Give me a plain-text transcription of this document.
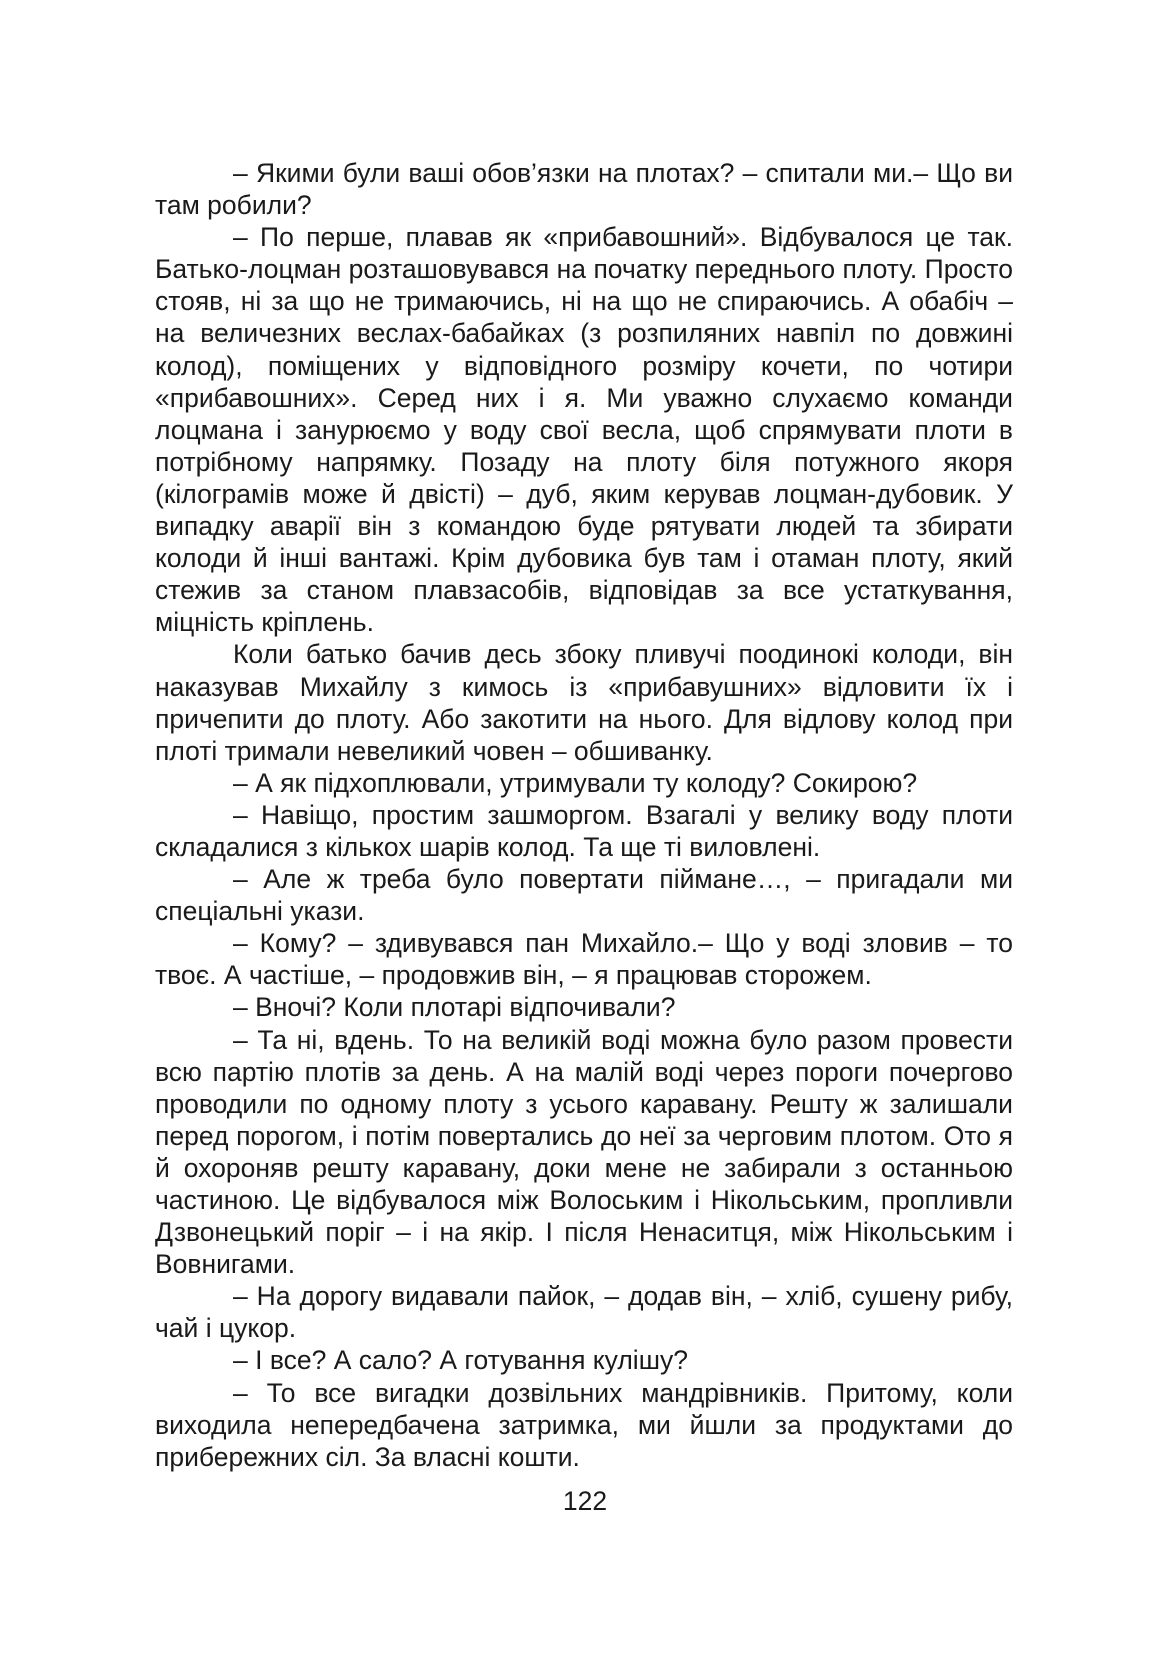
– Якими були ваші обов’язки на плотах? – спитали ми.– Що ви там робили?

– По перше, плавав як «прибавошний». Відбувалося це так. Батько-лоцман розташовувався на початку переднього плоту. Просто стояв, ні за що не тримаючись, ні на що не спираючись. А обабіч – на величезних веслах-бабайках (з розпиляних навпіл по довжині колод), поміщених у відповідного розміру кочети, по чотири «прибавошних». Серед них і я. Ми уважно слухаємо команди лоцмана і занурюємо у воду свої весла, щоб спрямувати плоти в потрібному напрямку. Позаду на плоту біля потужного якоря (кілограмів може й двісті) – дуб, яким керував лоцман-дубовик. У випадку аварії він з командою буде рятувати людей та збирати колоди й інші вантажі. Крім дубовика був там і отаман плоту, який стежив за станом плавзасобів, відповідав за все устаткування, міцність кріплень.

Коли батько бачив десь збоку пливучі поодинокі колоди, він наказував Михайлу з кимось із «прибавушних» відловити їх і причепити до плоту. Або закотити на нього. Для відлову колод при плоті тримали невеликий човен – обшиванку.

– А як підхоплювали, утримували ту колоду? Сокирою?

– Навіщо, простим зашморгом. Взагалі у велику воду плоти складалися з кількох шарів колод. Та ще ті виловлені.

– Але ж треба було повертати піймане…, – пригадали ми спеціальні укази.

– Кому? – здивувався пан Михайло.– Що у воді зловив – то твоє. А частіше, – продовжив він, – я працював сторожем.

– Вночі? Коли плотарі відпочивали?

– Та ні, вдень. То на великій воді можна було разом провести всю партію плотів за день. А на малій воді через пороги почергово проводили по одному плоту з усього каравану. Решту ж залишали перед порогом, і потім повертались до неї за черговим плотом. Ото я й охороняв решту каравану, доки мене не забирали з останньою частиною. Це відбувалося між Волоським і Нікольським, пропливли Дзвонецький поріг – і на якір. І після Ненаситця, між Нікольським і Вовнигами.

– На дорогу видавали пайок, – додав він, – хліб, сушену рибу, чай і цукор.

– І все? А сало? А готування кулішу?

– То все вигадки дозвільних мандрівників. Притому, коли виходила непередбачена затримка, ми йшли за продуктами до прибережних сіл. За власні кошти.

122
